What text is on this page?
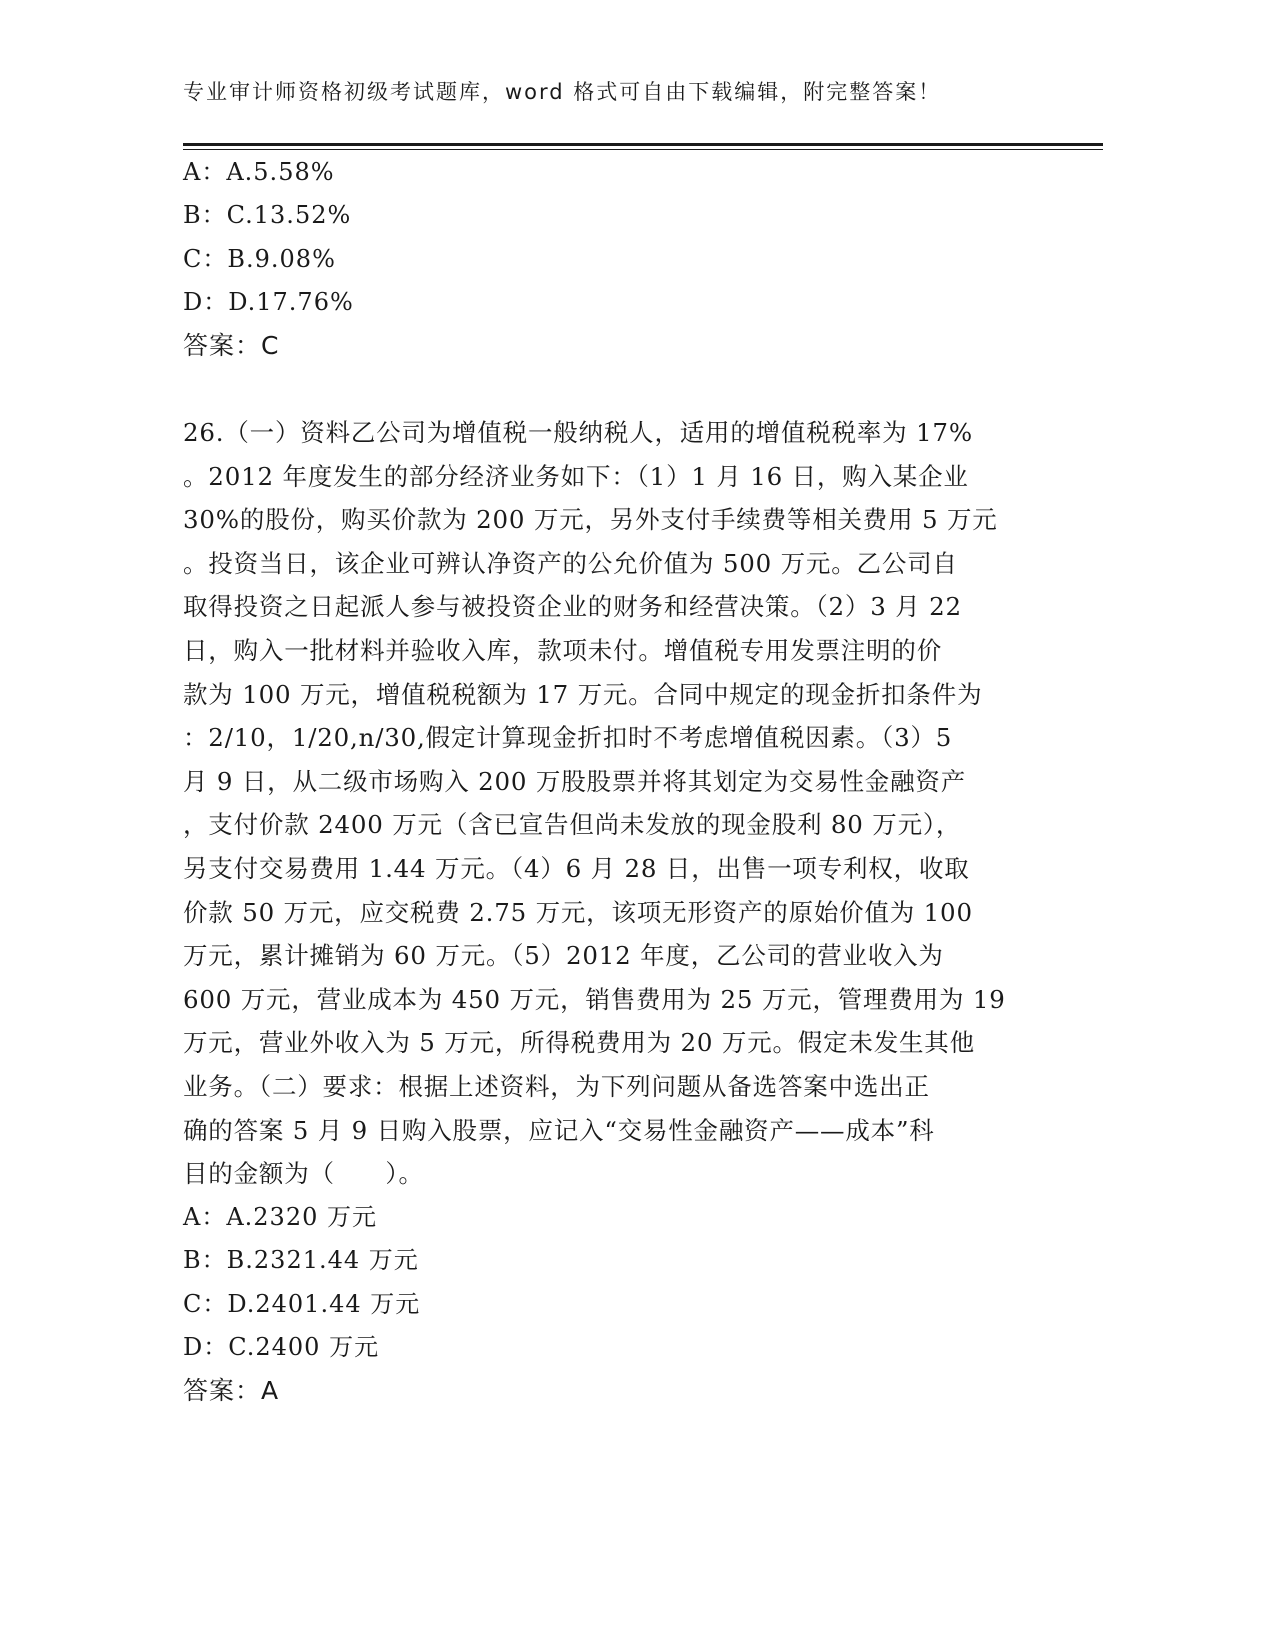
专业审计师资格初级考试题库，word 格式可自由下载编辑，附完整答案！
A：A.5.58%
B：C.13.52%
C：B.9.08%
D：D.17.76%
答案：C
26.（一）资料乙公司为增值税一般纳税人，适用的增值税税率为 17%
。2012 年度发生的部分经济业务如下：（1）1 月 16 日，购入某企业
30%的股份，购买价款为 200 万元，另外支付手续费等相关费用 5 万元
。投资当日，该企业可辨认净资产的公允价值为 500 万元。乙公司自
取得投资之日起派人参与被投资企业的财务和经营决策。（2）3 月 22
日，购入一批材料并验收入库，款项未付。增值税专用发票注明的价
款为 100 万元，增值税税额为 17 万元。合同中规定的现金折扣条件为
：2/10，1/20,n/30,假定计算现金折扣时不考虑增值税因素。（3）5
月 9 日，从二级市场购入 200 万股股票并将其划定为交易性金融资产
，支付价款 2400 万元（含已宣告但尚未发放的现金股利 80 万元），
另支付交易费用 1.44 万元。（4）6 月 28 日，出售一项专利权，收取
价款 50 万元，应交税费 2.75 万元，该项无形资产的原始价值为 100
万元，累计摊销为 60 万元。（5）2012 年度，乙公司的营业收入为
600 万元，营业成本为 450 万元，销售费用为 25 万元，管理费用为 19
万元，营业外收入为 5 万元，所得税费用为 20 万元。假定未发生其他
业务。（二）要求：根据上述资料，为下列问题从备选答案中选出正
确的答案 5 月 9 日购入股票，应记入“交易性金融资产——成本”科
目的金额为（　　）。
A：A.2320 万元
B：B.2321.44 万元
C：D.2401.44 万元
D：C.2400 万元
答案：A
